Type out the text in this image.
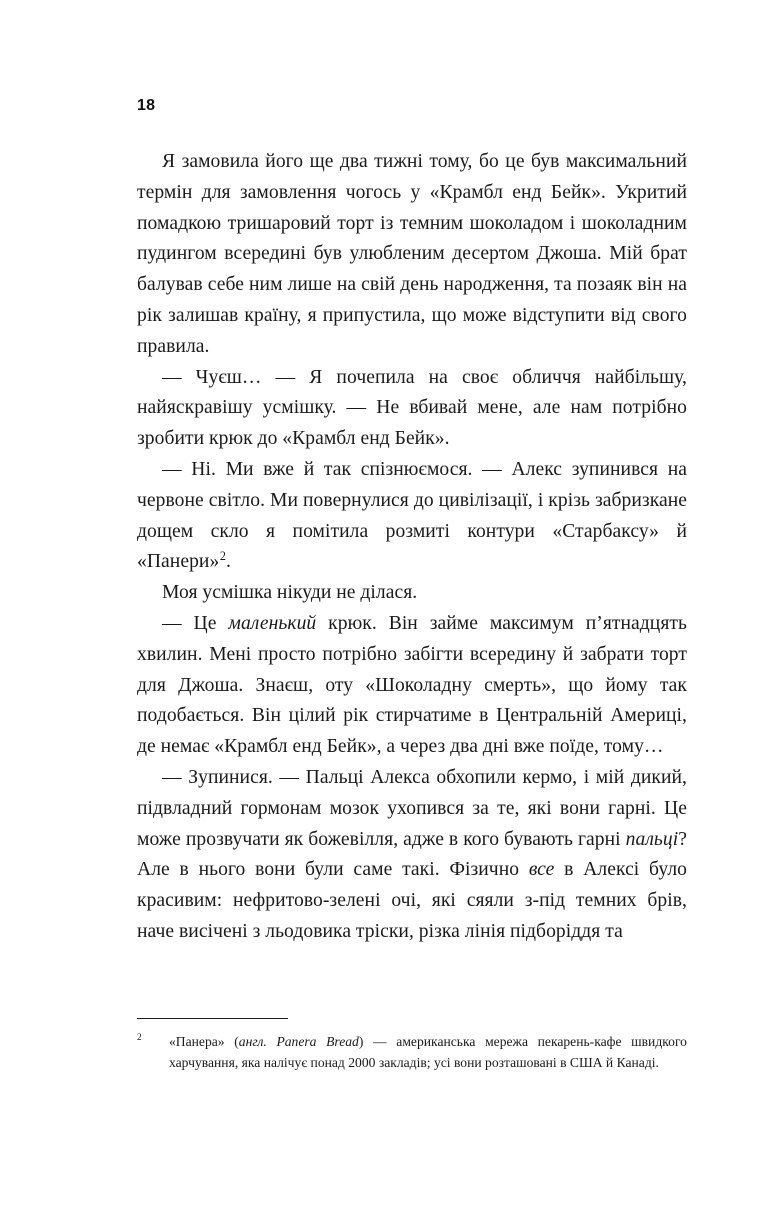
18

Я замовила його ще два тижні тому, бо це був максимальний термін для замовлення чогось у «Крамбл енд Бейк». Укритий помадкою тришаровий торт із темним шоколадом і шоколадним пудингом всередині був улюбленим десертом Джоша. Мій брат балував себе ним лише на свій день народження, та позаяк він на рік залишав країну, я припустила, що може відступити від свого правила.

— Чуєш… — Я почепила на своє обличчя найбільшу, найяскравішу усмішку. — Не вбивай мене, але нам потрібно зробити крюк до «Крамбл енд Бейк».

— Ні. Ми вже й так спізнюємося. — Алекс зупинився на червоне світло. Ми повернулися до цивілізації, і крізь забризкане дощем скло я помітила розмиті контури «Старбаксу» й «Панери»$^2$.

Моя усмішка нікуди не ділася.

— Це маленький крюк. Він займе максимум п’ятнадцять хвилин. Мені просто потрібно забігти всередину й забрати торт для Джоша. Знаєш, оту «Шоколадну смерть», що йому так подобається. Він цілий рік стирчатиме в Центральній Америці, де немає «Крамбл енд Бейк», а через два дні вже поїде, тому…

— Зупинися. — Пальці Алекса обхопили кермо, і мій дикий, підвладний гормонам мозок ухопився за те, які вони гарні. Це може прозвучати як божевілля, адже в кого бувають гарні пальці? Але в нього вони були саме такі. Фізично все в Алексі було красивим: нефритово-зелені очі, які сяяли з-під темних брів, наче висічені з льодовика тріски, різка лінія підборіддя та

2 «Панера» (англ. Panera Bread) — американська мережа пекарень-кафе швидкого харчування, яка налічує понад 2000 закладів; усі вони розташовані в США й Канаді.
